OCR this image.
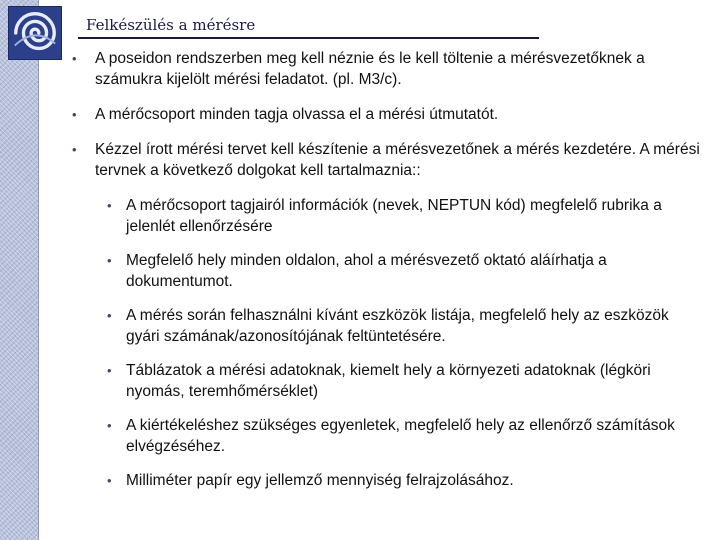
Felkészülés a mérésre
• A poseidon rendszerben meg kell néznie és le kell töltenie a mérésvezetőknek a számukra kijelölt mérési feladatot. (pl. M3/c).
• A mérőcsoport minden tagja olvassa el a mérési útmutatót.
• Kézzel írott mérési tervet kell készítenie a mérésvezetőnek a mérés kezdetére. A mérési tervnek a következő dolgokat kell tartalmaznia::
• A mérőcsoport tagjairól információk (nevek, NEPTUN kód) megfelelő rubrika a jelenlét ellenőrzésére
• Megfelelő hely minden oldalon, ahol a mérésvezető oktató aláírhatja a dokumentumot.
• A mérés során felhasználni kívánt eszközök listája, megfelelő hely az eszközök gyári számának/azonosítójának feltüntetésére.
• Táblázatok a mérési adatoknak, kiemelt hely a környezeti adatoknak (légköri nyomás, teremhőmérséklet)
• A kiértékeléshez szükséges egyenletek, megfelelő hely az ellenőrző számítások elvégzéséhez.
• Milliméter papír egy jellemző mennyiség felrajzolásához.
